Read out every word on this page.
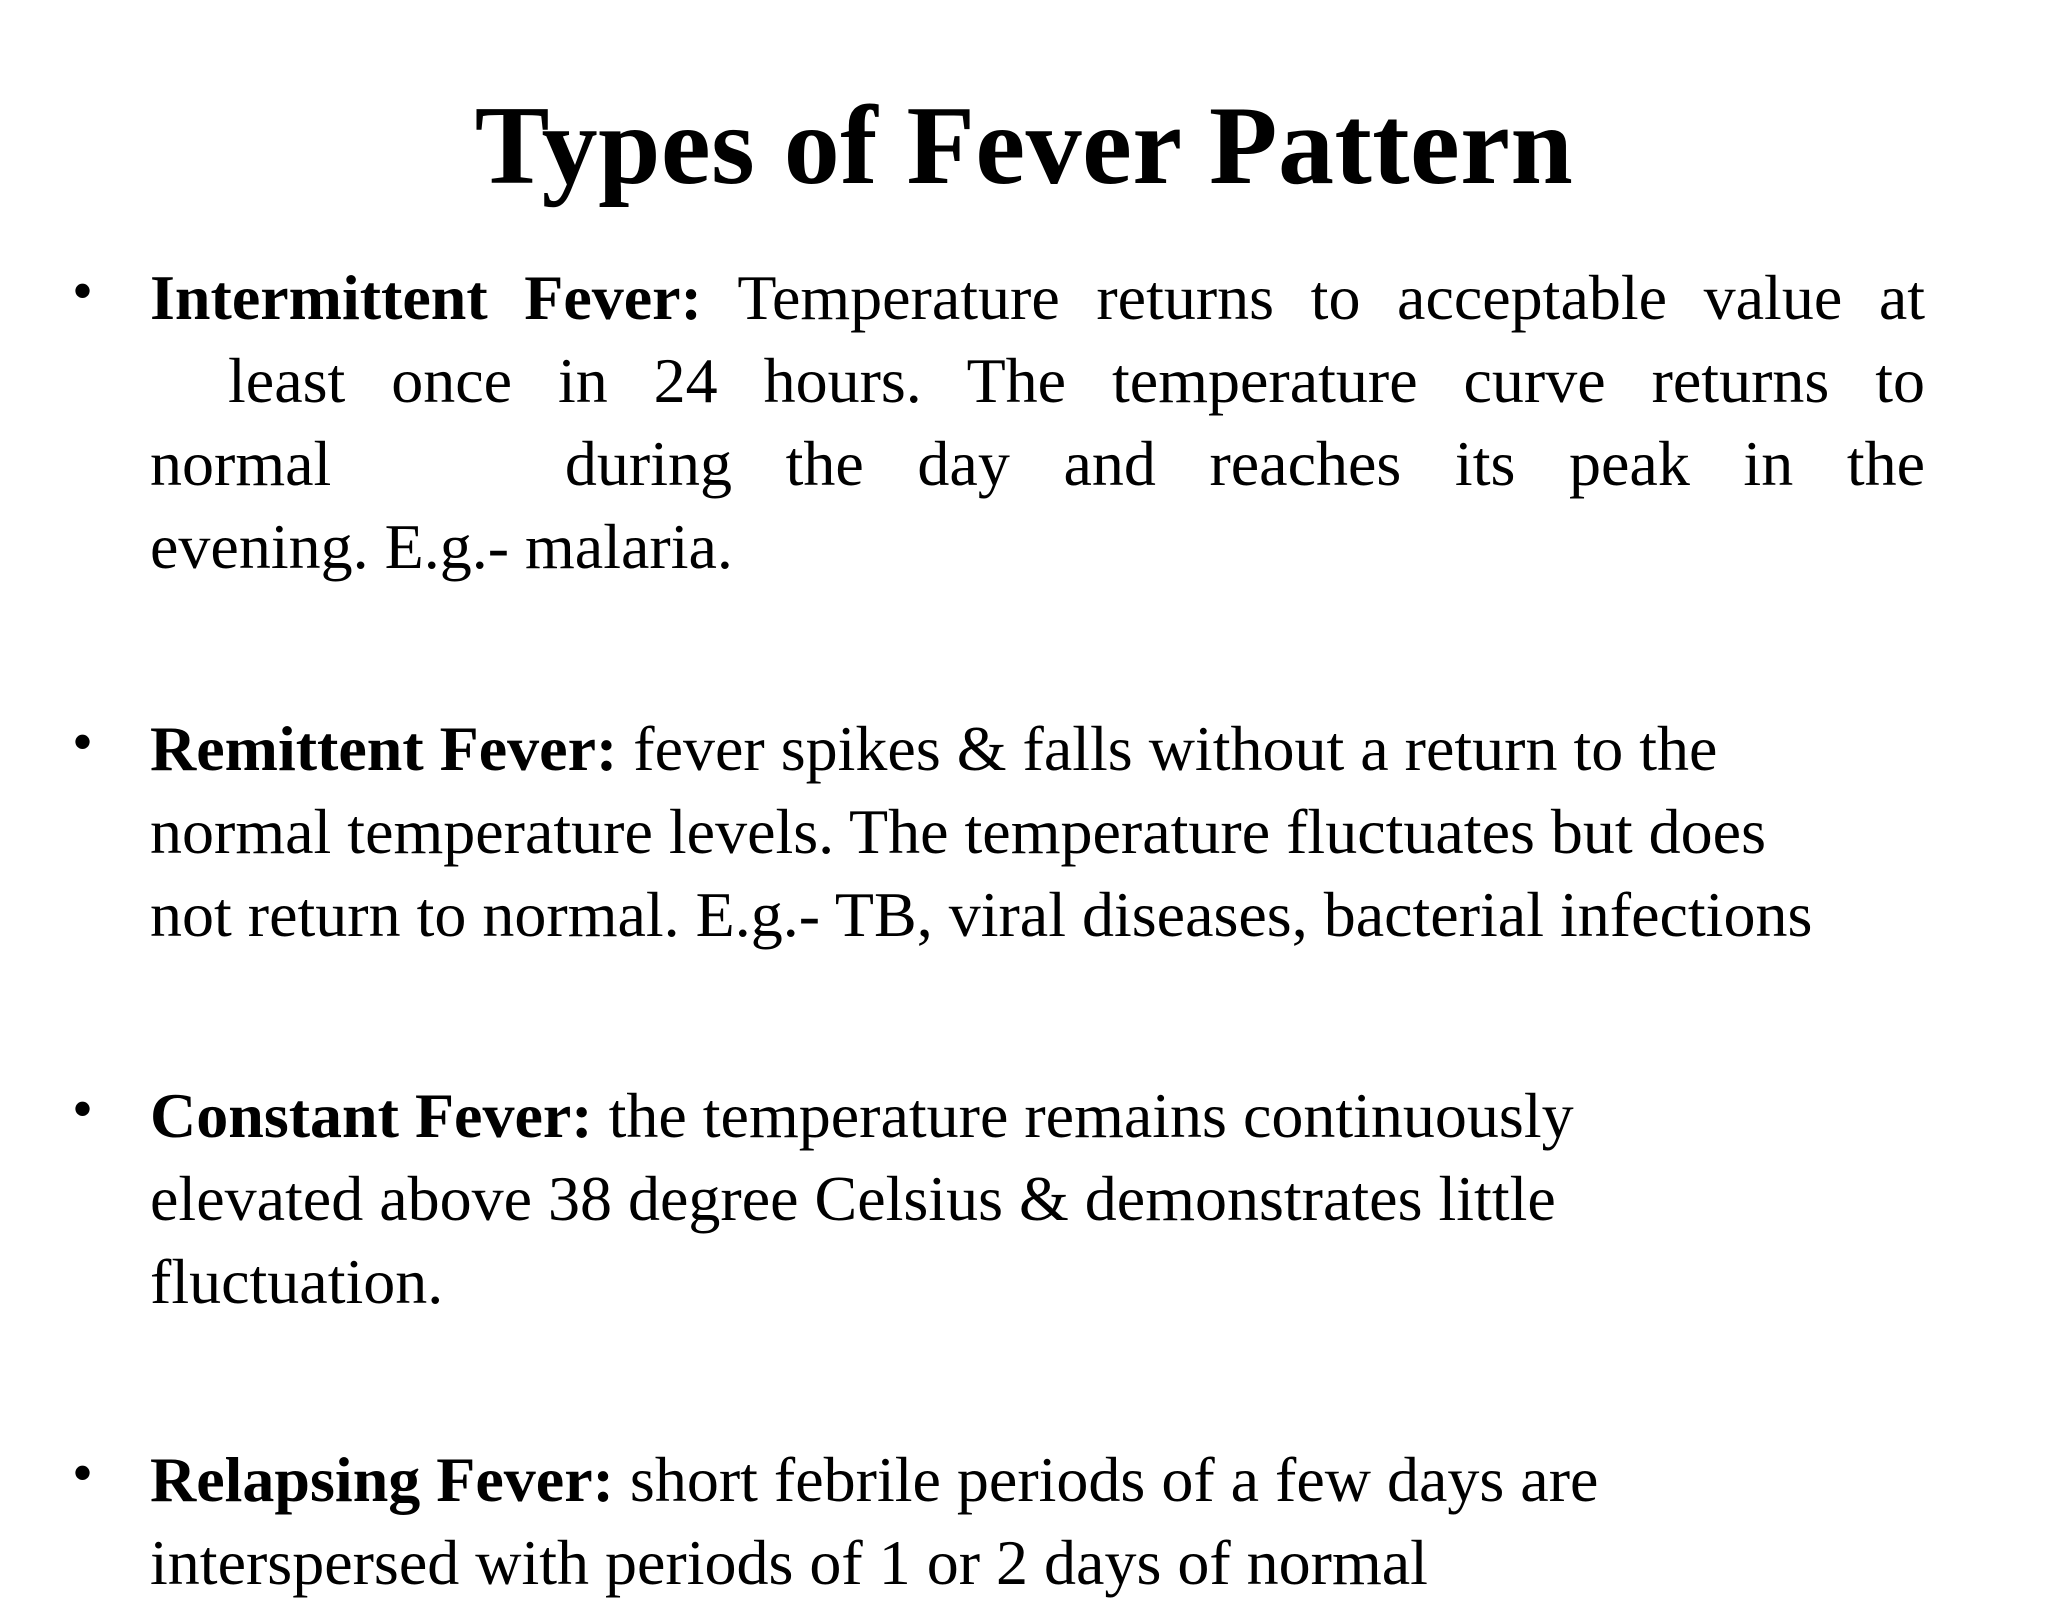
Types of Fever Pattern
• Intermittent Fever: Temperature returns to acceptable value at
least once in 24 hours. The temperature curve returns to
normal	during the day and reaches its peak in the
evening. E.g.- malaria.
• Remittent Fever: fever spikes & falls without a return to the
normal temperature levels. The temperature fluctuates but does
not return to normal. E.g.- TB, viral diseases, bacterial infections
• Constant Fever: the temperature remains continuously
elevated above 38 degree Celsius & demonstrates little
fluctuation.
• Relapsing Fever: short febrile periods of a few days are
interspersed with periods of 1 or 2 days of normal
